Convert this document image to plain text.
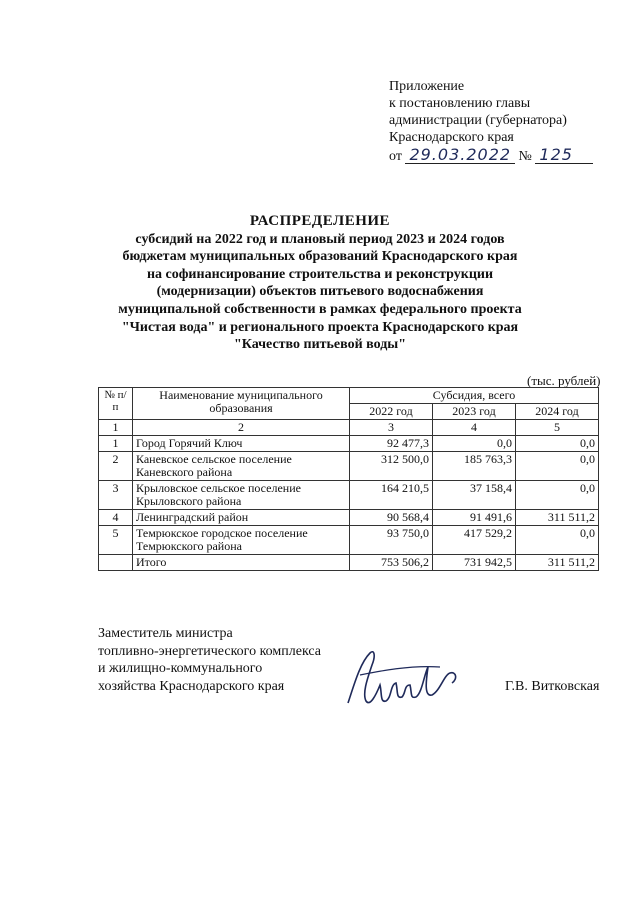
Приложение
к постановлению главы
администрации (губернатора)
Краснодарского края
от 29.03.2022 № 125
РАСПРЕДЕЛЕНИЕ
субсидий на 2022 год и плановый период 2023 и 2024 годов
бюджетам муниципальных образований Краснодарского края
на софинансирование строительства и реконструкции
(модернизации) объектов питьевого водоснабжения
муниципальной собственности в рамках федерального проекта
"Чистая вода" и регионального проекта Краснодарского края
"Качество питьевой воды"
(тыс. рублей)
№ п/п	Наименование муниципального образования	Субсидия, всего		
		2022 год	2023 год	2024 год
1	2	3	4	5
1	Город Горячий Ключ	92 477,3	0,0	0,0
2	Каневское сельское поселение Каневского района	312 500,0	185 763,3	0,0
3	Крыловское сельское поселение Крыловского района	164 210,5	37 158,4	0,0
4	Ленинградский район	90 568,4	91 491,6	311 511,2
5	Темрюкское городское поселение Темрюкского района	93 750,0	417 529,2	0,0
	Итого	753 506,2	731 942,5	311 511,2
Заместитель министра
топливно-энергетического комплекса
и жилищно-коммунального
хозяйства Краснодарского края	Г.В. Витковская
